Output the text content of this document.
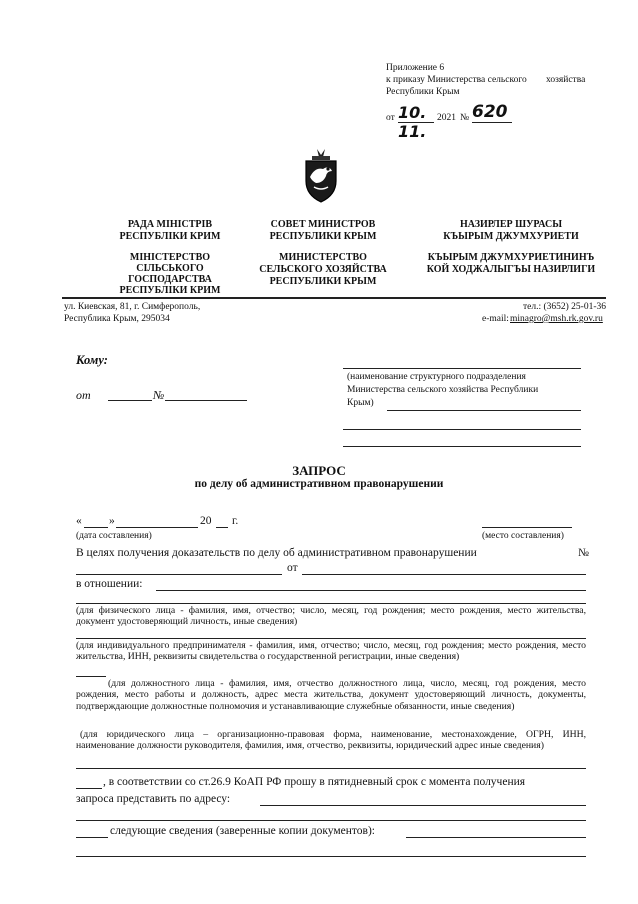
Приложение 6
к приказу Министерства сельского хозяйства
Республики Крым
от 10. 11.
2021 № 620
РАДА МІНІСТРІВ
РЕСПУБЛІКИ КРИМ
МІНІСТЕРСТВО
СІЛЬСЬКОГО
ГОСПОДАРСТВА
РЕСПУБЛІКИ КРИМ
СОВЕТ МИНИСТРОВ
РЕСПУБЛИКИ КРЫМ
МИНИСТЕРСТВО
СЕЛЬСКОГО ХОЗЯЙСТВА
РЕСПУБЛИКИ КРЫМ
НАЗИРЛЕР ШУРАСЫ
КЪЫРЫМ ДЖУМХУРИЕТИ
КЪЫРЫМ ДЖУМХУРИЕТИНИНЪ
КОЙ ХОДЖАЛЫГЪЫ НАЗИРЛИГИ
ул. Киевская, 81, г. Симферополь,
Республика Крым, 295034
тел.: (3652) 25-01-36
e-mail: minagro@msh.rk.gov.ru
Кому:
от	№
(наименование структурного подразделения
Министерства сельского хозяйства Республики
Крым)
ЗАПРОС
по делу об административном правонарушении
« »	20 г.
(дата составления)	(место составления)
В целях получения доказательств по делу об административном правонарушении	№
от
в отношении:
(для физического лица - фамилия, имя, отчество; число, месяц, год рождения; место рождения, место жительства, документ удостоверяющий личность, иные сведения)
(для индивидуального предпринимателя - фамилия, имя, отчество; число, месяц, год рождения; место рождения, место жительства, ИНН, реквизиты свидетельства о государственной регистрации, иные сведения)
(для должностного лица - фамилия, имя, отчество должностного лица, число, месяц, год рождения, место рождения, место работы и должность, адрес места жительства, документ удостоверяющий личность, документы, подтверждающие должностные полномочия и устанавливающие служебные обязанности, иные сведения)
(для юридического лица – организационно-правовая форма, наименование, местонахождение, ОГРН, ИНН, наименование должности руководителя, фамилия, имя, отчество, реквизиты, юридический адрес иные сведения)
, в соответствии со ст.26.9 КоАП РФ прошу в пятидневный срок с момента получения
запроса представить по адресу:
следующие сведения (заверенные копии документов):
